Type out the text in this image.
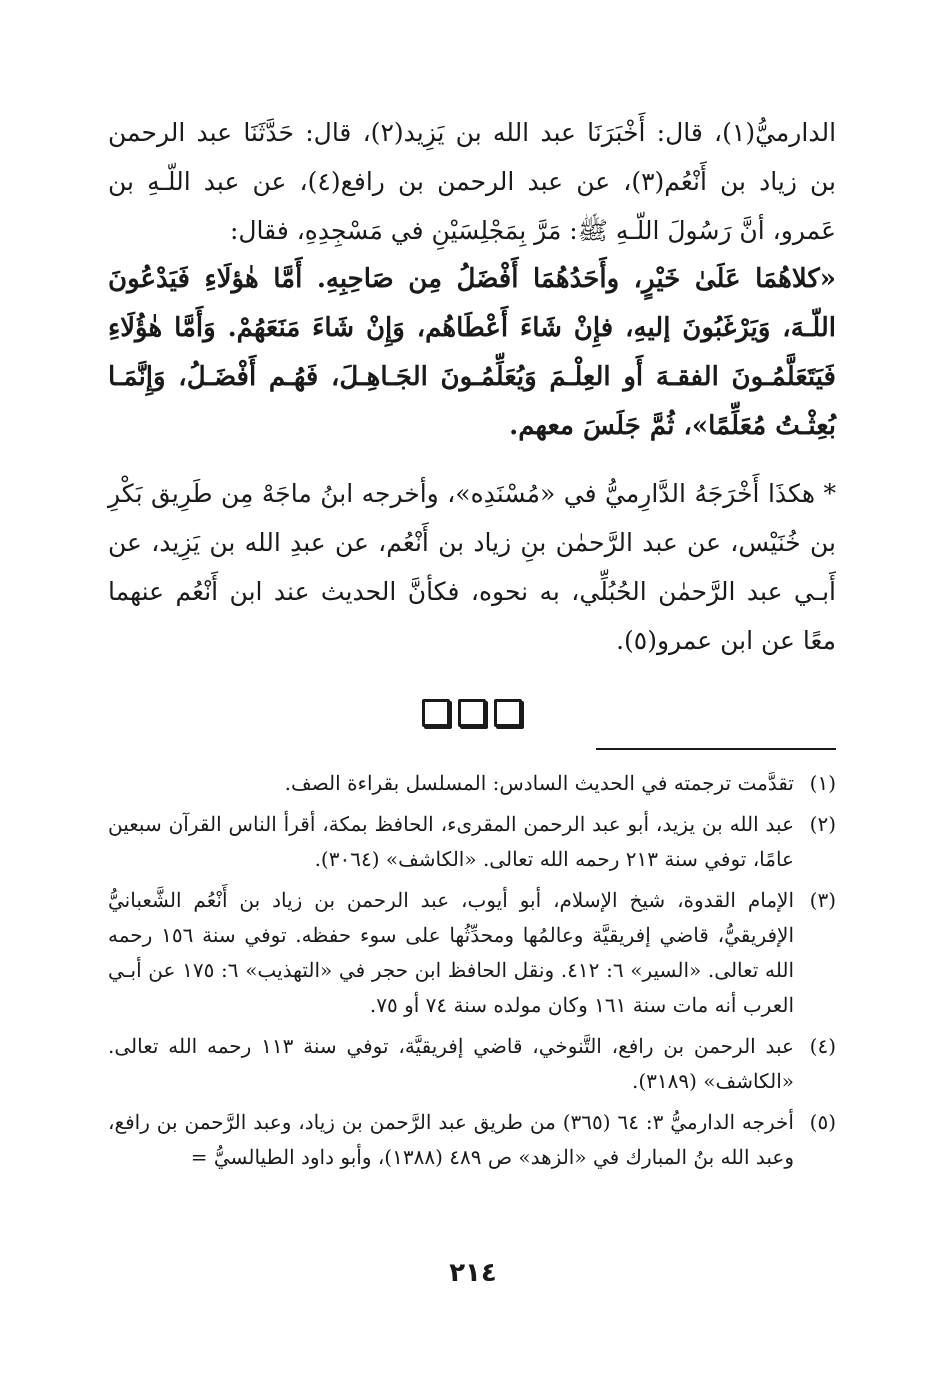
الدارميُّ(١)، قال: أَخْبَرَنَا عبد الله بن يَزِيد(٢)، قال: حَدَّثَنَا عبد الرحمن بن زياد بن أَنْعُم(٣)، عن عبد الرحمن بن رافع(٤)، عن عبد اللّـهِ بن عَمرو، أنَّ رَسُولَ اللّـهِ ﷺ: مَرَّ بِمَجْلِسَيْنِ في مَسْجِدِهِ، فقال:

«كلاهُمَا عَلَىٰ خَيْرٍ، وأَحَدُهُمَا أَفْضَلُ مِن صَاحِبِهِ. أَمَّا هٰؤلَاءِ فَيَدْعُونَ اللّـهَ، وَيَرْغَبُونَ إليهِ، فإِنْ شَاءَ أَعْطَاهُم، وَإِنْ شَاءَ مَنَعَهُمْ. وَأَمَّا هٰؤُلَاءِ فَيَتَعَلَّمُـونَ الفقـهَ أَو العِلْـمَ وَيُعَلِّمُـونَ الجَـاهِـلَ، فَهُـم أَفْضَـلُ، وَإِنَّمَـا بُعِثْـتُ مُعَلِّمًا»، ثُمَّ جَلَسَ معهم.

* هكذَا أَخْرَجَهُ الدَّارِميُّ في «مُسْنَدِه»، وأخرجه ابنُ ماجَهْ مِن طَرِيق بَكْرِ بن خُنَيْس، عن عبد الرَّحمٰن بنِ زياد بن أَنْعُم، عن عبدِ الله بن يَزِيد، عن أَبـي عبد الرَّحمٰن الحُبُلِّي، به نحوه، فكأنَّ الحديث عند ابن أَنْعُم عنهما معًا عن ابن عمرو(٥).

(١)
تقدَّمت ترجمته في الحديث السادس: المسلسل بقراءة الصف.
(٢)
عبد الله بن يزيد، أبو عبد الرحمن المقرىء، الحافظ بمكة، أقرأ الناس القرآن سبعين عامًا، توفي سنة ٢١٣ رحمه الله تعالى. «الكاشف» (٣٠٦٤).
(٣)
الإمام القدوة، شيخ الإسلام، أبو أيوب، عبد الرحمن بن زياد بن أَنْعُم الشَّعبانيُّ الإفريقيُّ، قاضي إفريقيَّة وعالمُها ومحدِّثُها على سوء حفظه. توفي سنة ١٥٦ رحمه الله تعالى. «السير» ٦: ٤١٢. ونقل الحافظ ابن حجر في «التهذيب» ٦: ١٧٥ عن أبـي العرب أنه مات سنة ١٦١ وكان مولده سنة ٧٤ أو ٧٥.
(٤)
عبد الرحمن بن رافع، التَّنوخي، قاضي إفريقيَّة، توفي سنة ١١٣ رحمه الله تعالى. «الكاشف» (٣١٨٩).
(٥)
أخرجه الدارميُّ ٣: ٦٤ (٣٦٥) من طريق عبد الرَّحمن بن زياد، وعبد الرَّحمن بن رافع، وعبد الله بنُ المبارك في «الزهد» ص ٤٨٩ (١٣٨٨)، وأبو داود الطيالسيُّ =
٢١٤
